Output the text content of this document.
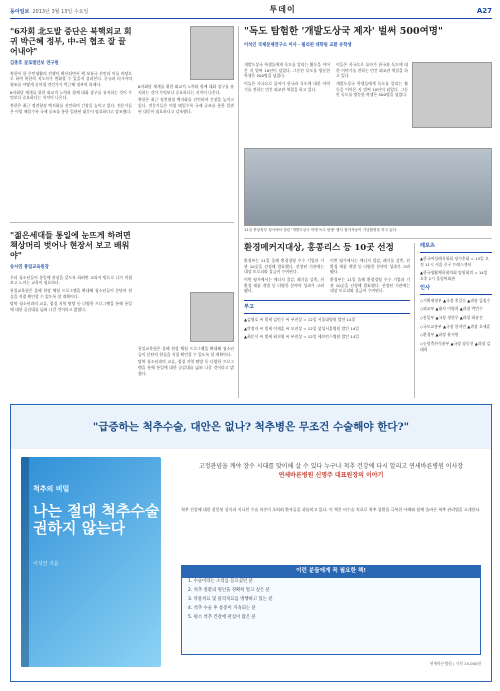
동아일보 2013년 3월 13일 수요일	투데이	A27
"6자회 北도발 중단은 북핵외교 회귀 박근혜 정부, 中-러 협조 잘 끌어내야"
김충호 글로벌안보 연구원
북한이 한 주민생활의 전쟁이 확산되면서 핵 보유국 선언과 이를 바탕으로 하여 북한의 지도자가 변화할 수 있을지 살펴본다. 중국과 러시아의 협조를 어떻게 끌어낼 것인가가 박근혜 정부의 과제다.
6자회담 재개를 위한 외교적 노력과 함께 대화 창구를 유지하는 것이 무엇보다 중요하다는 지적이 나온다.
북한은 최근 정전협정 백지화를 선언하며 긴장을 높이고 있다. 전문가들은 이럴 때일수록 국제 공조를 통한 일관된 대응이 필요하다고 강조했다.
6자회담 재개를 위한 외교적 노력과 함께 대화 창구를 유지하는 것이 무엇보다 중요하다는 지적이 나온다.
북한은 최근 정전협정 백지화를 선언하며 긴장을 높이고 있다. 전문가들은 이럴 때일수록 국제 공조를 통한 일관된 대응이 필요하다고 강조했다.
"젊은세대들 통일에 눈뜨게 하려면 책상머리 벗어나 현장서 보고 배워야"
송서연 통일교육원장
우리 청소년들이 통일에 관심을 갖도록 하려면 교과서 밖으로 나가 직접 보고 느끼는 교육이 필요하다.
통일교육원은 올해 현장 체험 프로그램을 확대해 청소년들이 분단의 현실을 직접 확인할 수 있도록 할 계획이다.
탈북 청소년과의 교류, 접경 지역 탐방 등 다양한 프로그램을 통해 통일에 대한 공감대를 넓혀 나갈 것이라고 밝혔다.
통일교육원은 올해 현장 체험 프로그램을 확대해 청소년들이 분단의 현실을 직접 확인할 수 있도록 할 계획이다.
탈북 청소년과의 교류, 접경 지역 탐방 등 다양한 프로그램을 통해 통일에 대한 공감대를 넓혀 나갈 것이라고 밝혔다.
"독도 탐험한 '개발도상국 제자' 벌써 500여명"
이석인 국제문제연구소 이사 · 필리핀 대학원 교환 유학생
개발도상국 학생들에게 독도를 알리는 활동을 이어온 지 벌써 10년이 넘었다. 그동안 독도를 방문한 학생은 500명을 넘었다.
이들은 자국으로 돌아가 한국과 독도에 대한 이야기를 전하는 민간 외교관 역할을 하고 있다.
이들은 자국으로 돌아가 한국과 독도에 대한 이야기를 전하는 민간 외교관 역할을 하고 있다.
개발도상국 학생들에게 독도를 알리는 활동을 이어온 지 벌써 10년이 넘었다. 그동안 독도를 방문한 학생은 500명을 넘었다.
11일 중앙정부 청사에서 열린 '개발도상국 학생 독도 탐방' 행사 참가자들이 기념촬영을 하고 있다.
환경메커지대상, 홍콩리스 등 10곳 선정
환경부는 11일 올해 환경경영 우수 기업과 기관 10곳을 선정해 발표했다. 선정된 기관에는 대상 트로피와 상금이 수여된다.
이번 평가에서는 에너지 절감, 폐기물 감축, 친환경 제품 개발 등 다양한 분야의 성과가 고려됐다.
이번 평가에서는 에너지 절감, 폐기물 감축, 친환경 제품 개발 등 다양한 분야의 성과가 고려됐다.
환경부는 11일 올해 환경경영 우수 기업과 기관 10곳을 선정해 발표했다. 선정된 기관에는 대상 트로피와 상금이 수여된다.
부고
▲김영호 씨 별세 김민수 씨 부친상 = 12일 서울대병원 발인 14일
▲박정자 씨 별세 이재훈 씨 모친상 = 12일 삼성서울병원 발인 14일
▲최문식 씨 별세 최지영 씨 부친상 = 12일 세브란스병원 발인 14일
레포츠
▲한국여성레저협회 정기총회 = 13일 오전 11시 서울 중구 프레스센터
▲한국생활체육협의회 임원회의 = 14일 오후 2시 올림픽회관
인사
◇기획재정부 ▲국장 홍길동 ▲과장 김철수
◇외교부 ▲대사 이영희 ▲과장 박민수
◇통일부 ▲국장 정현우 ▲과장 최유진
◇국토교통부 ▲국장 한지민 ▲과장 오세훈
◇환경부 ▲과장 윤서연
◇농림축산식품부 ▲국장 장동건 ▲과장 김태희
"급증하는 척추수술, 대안은 없나? 척추병은 무조건 수술해야 한다?"
척추의 비밀
나는 절대 척추수술 권하지 않는다
이석인 지음
고정관념을 깨야 장수 시대를 맞이해 살 수 있다 누구나 척추 건강에 다시 알리고 연세바른병원 이사장
연세바른병원 신명주 대표원장의 이야기
척추 건강에 대한 잘못된 상식과 지나친 수술 의존이 오히려 환자들을 괴롭히고 있다. 이 책은 비수술 치료로 척추 질환을 극복한 사례와 함께 올바른 척추 관리법을 소개한다.
이런 분들에게 꼭 필요한 책!
1. 수술이라는 소리를 들으셨던 분
2. 척추 질환의 원인을 정확히 알고 싶은 분
3. 약물치료 및 물리치료를 병행하고 있는 분
4. 척추 수술 후 통증이 지속되는 분
5. 평소 척추 건강에 관심이 많은 분
연세바른병원 | 가격 15,000원
